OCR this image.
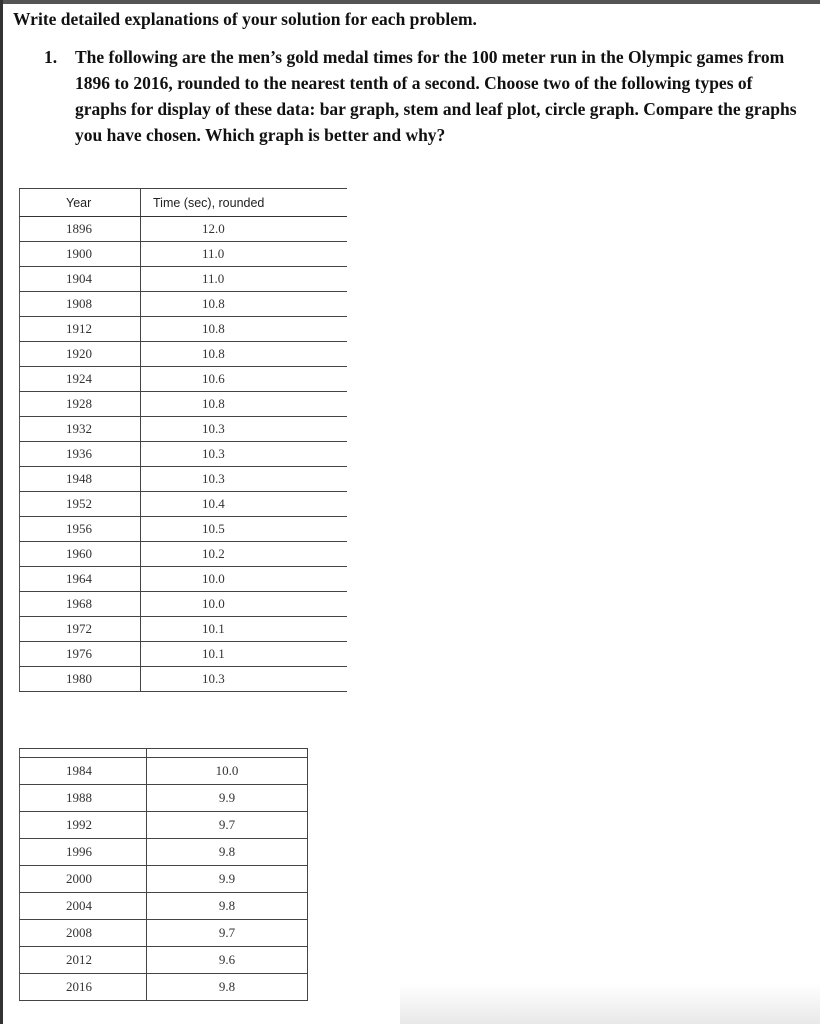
Write detailed explanations of your solution for each problem.

1. The following are the men’s gold medal times for the 100 meter run in the Olympic games from 1896 to 2016, rounded to the nearest tenth of a second. Choose two of the following types of graphs for display of these data: bar graph, stem and leaf plot, circle graph. Compare the graphs you have chosen. Which graph is better and why?
Year	Time (sec), rounded
1896	12.0
1900	11.0
1904	11.0
1908	10.8
1912	10.8
1920	10.8
1924	10.6
1928	10.8
1932	10.3
1936	10.3
1948	10.3
1952	10.4
1956	10.5
1960	10.2
1964	10.0
1968	10.0
1972	10.1
1976	10.1
1980	10.3

1984	10.0
1988	9.9
1992	9.7
1996	9.8
2000	9.9
2004	9.8
2008	9.7
2012	9.6
2016	9.8
